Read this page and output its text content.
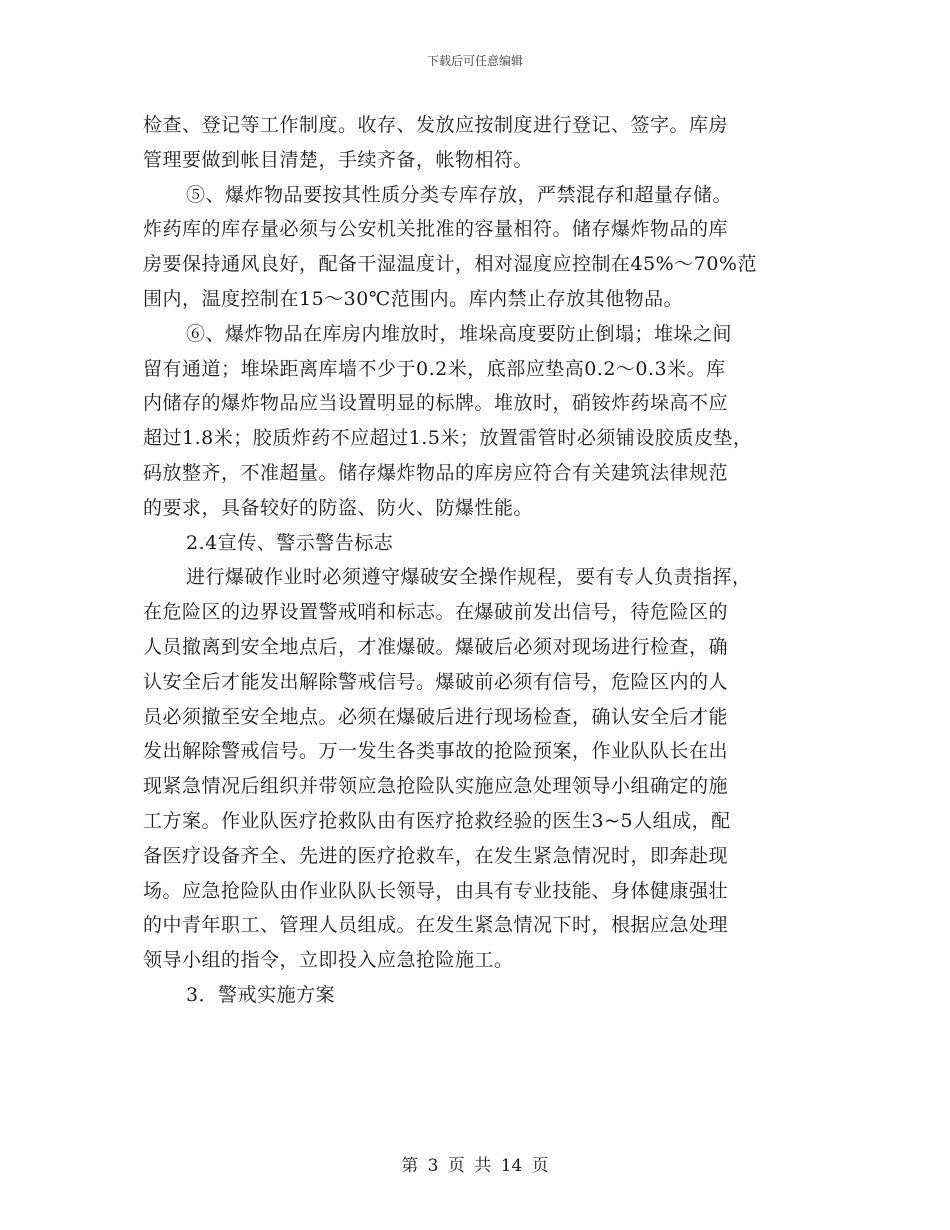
下载后可任意编辑
检查、登记等工作制度。收存、发放应按制度进行登记、签字。库房
管理要做到帐目清楚，手续齐备，帐物相符。
⑤、爆炸物品要按其性质分类专库存放，严禁混存和超量存储。
炸药库的库存量必须与公安机关批准的容量相符。储存爆炸物品的库
房要保持通风良好，配备干湿温度计，相对湿度应控制在45%～70%范
围内，温度控制在15～30℃范围内。库内禁止存放其他物品。
⑥、爆炸物品在库房内堆放时，堆垛高度要防止倒塌；堆垛之间
留有通道；堆垛距离库墙不少于0.2米，底部应垫高0.2～0.3米。库
内储存的爆炸物品应当设置明显的标牌。堆放时，硝铵炸药垛高不应
超过1.8米；胶质炸药不应超过1.5米；放置雷管时必须铺设胶质皮垫，
码放整齐，不准超量。储存爆炸物品的库房应符合有关建筑法律规范
的要求，具备较好的防盗、防火、防爆性能。
2.4宣传、警示警告标志
进行爆破作业时必须遵守爆破安全操作规程，要有专人负责指挥，
在危险区的边界设置警戒哨和标志。在爆破前发出信号，待危险区的
人员撤离到安全地点后，才准爆破。爆破后必须对现场进行检查，确
认安全后才能发出解除警戒信号。爆破前必须有信号，危险区内的人
员必须撤至安全地点。必须在爆破后进行现场检查，确认安全后才能
发出解除警戒信号。万一发生各类事故的抢险预案，作业队队长在出
现紧急情况后组织并带领应急抢险队实施应急处理领导小组确定的施
工方案。作业队医疗抢救队由有医疗抢救经验的医生3~5人组成，配
备医疗设备齐全、先进的医疗抢救车，在发生紧急情况时，即奔赴现
场。应急抢险队由作业队队长领导，由具有专业技能、身体健康强壮
的中青年职工、管理人员组成。在发生紧急情况下时，根据应急处理
领导小组的指令，立即投入应急抢险施工。
3．警戒实施方案
第 3 页 共 14 页
